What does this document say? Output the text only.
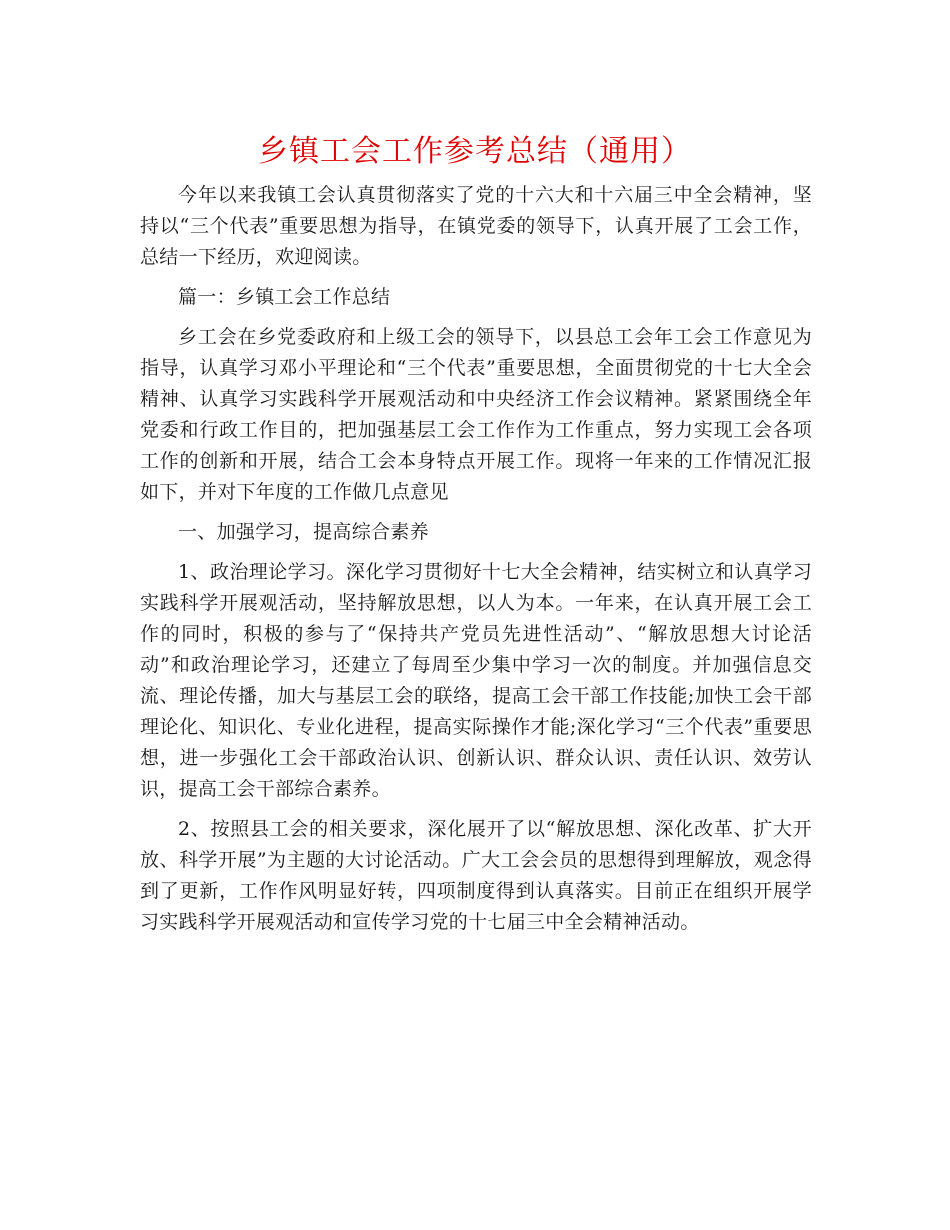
乡镇工会工作参考总结（通用）

今年以来我镇工会认真贯彻落实了党的十六大和十六届三中全会精神，坚持以“三个代表”重要思想为指导，在镇党委的领导下，认真开展了工会工作，总结一下经历，欢迎阅读。

篇一：乡镇工会工作总结

乡工会在乡党委政府和上级工会的领导下，以县总工会年工会工作意见为指导，认真学习邓小平理论和“三个代表”重要思想，全面贯彻党的十七大全会精神、认真学习实践科学开展观活动和中央经济工作会议精神。紧紧围绕全年党委和行政工作目的，把加强基层工会工作作为工作重点，努力实现工会各项工作的创新和开展，结合工会本身特点开展工作。现将一年来的工作情况汇报如下，并对下年度的工作做几点意见

一、加强学习，提高综合素养

1、政治理论学习。深化学习贯彻好十七大全会精神，结实树立和认真学习实践科学开展观活动，坚持解放思想，以人为本。一年来，在认真开展工会工作的同时，积极的参与了“保持共产党员先进性活动”、“解放思想大讨论活动”和政治理论学习，还建立了每周至少集中学习一次的制度。并加强信息交流、理论传播，加大与基层工会的联络，提高工会干部工作技能;加快工会干部理论化、知识化、专业化进程，提高实际操作才能;深化学习“三个代表”重要思想，进一步强化工会干部政治认识、创新认识、群众认识、责任认识、效劳认识，提高工会干部综合素养。

2、按照县工会的相关要求，深化展开了以“解放思想、深化改革、扩大开放、科学开展”为主题的大讨论活动。广大工会会员的思想得到理解放，观念得到了更新，工作作风明显好转，四项制度得到认真落实。目前正在组织开展学习实践科学开展观活动和宣传学习党的十七届三中全会精神活动。
